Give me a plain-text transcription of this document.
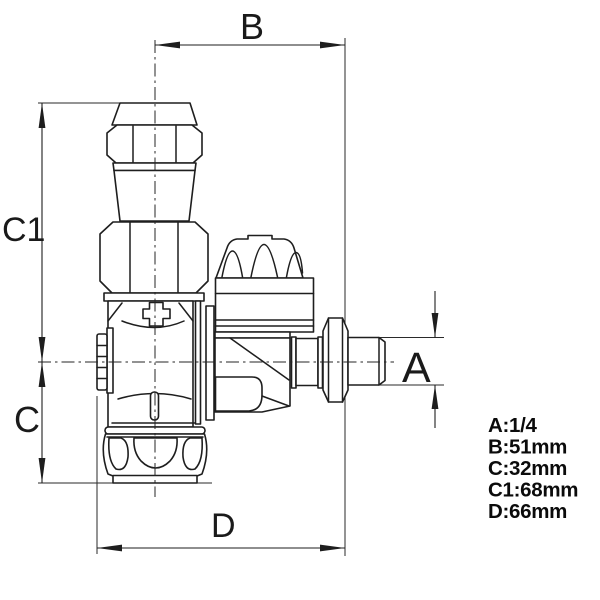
B
C1
C
D
A
A:1/4
B:51mm
C:32mm
C1:68mm
D:66mm
